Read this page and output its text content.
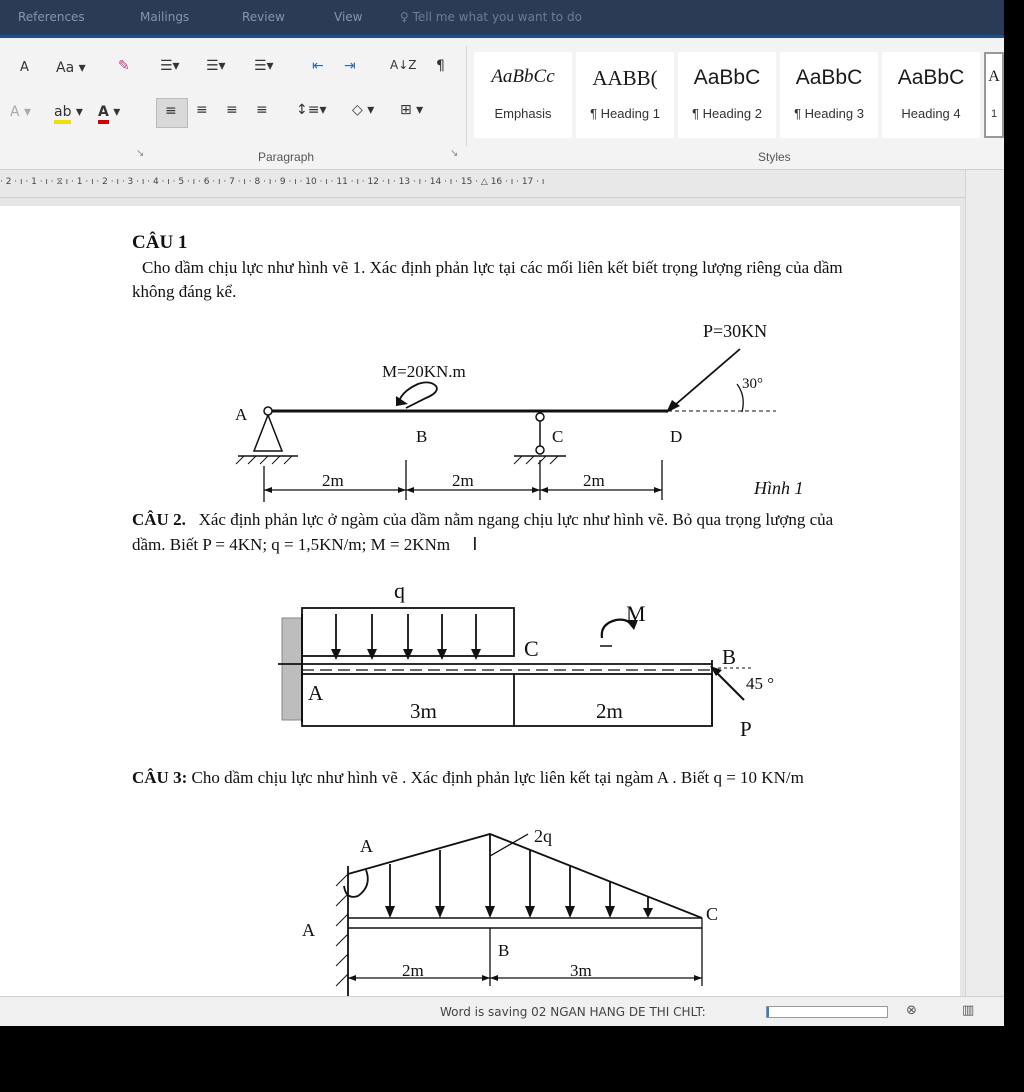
References	Mailings	Review	View	♀ Tell me what you want to do
A Aa ▾ ✎ ☰▾ ☰▾ ☰▾	⇤ ⇥	A↓Z ¶
A ▾ ab ▾ A ▾	≡ ≡ ≡ ≡ ↕≡▾ ◇ ▾ ⊞ ▾
Paragraph
↘	↘	Styles
AaBbCc
Emphasis
AABB(
¶ Heading 1
AaBbC
¶ Heading 2
AaBbC
¶ Heading 3
AaBbC
Heading 4
A
1
· 2 · ı · 1 · ı · ⧖ ı · 1 · ı · 2 · ı · 3 · ı · 4 · ı · 5 · ı · 6 · ı · 7 · ı · 8 · ı · 9 · ı · 10 · ı · 11 · ı · 12 · ı · 13 · ı · 14 · ı · 15 · △ 16 · ı · 17 · ı
CÂU 1
Cho dầm chịu lực như hình vẽ 1. Xác định phản lực tại các mối liên kết biết trọng lượng riêng của dầm không đáng kể.
P=30KN
M=20KN.m
30°
A
B	C	D
2m	2m	2m	Hình 1
q
M
C	B
45 °
A
3m	2m
P
A
A
2q
C
B
2m	3m
CÂU 2. Xác định phản lực ở ngàm của dầm nằm ngang chịu lực như hình vẽ. Bỏ qua trọng lượng của dầm. Biết P = 4KN; q = 1,5KN/m; M = 2KNm I
CÂU 3: Cho dầm chịu lực như hình vẽ . Xác định phản lực liên kết tại ngàm A . Biết q = 10 KN/m
Word is saving 02 NGAN HANG DE THI CHLT:	⊗	▥
